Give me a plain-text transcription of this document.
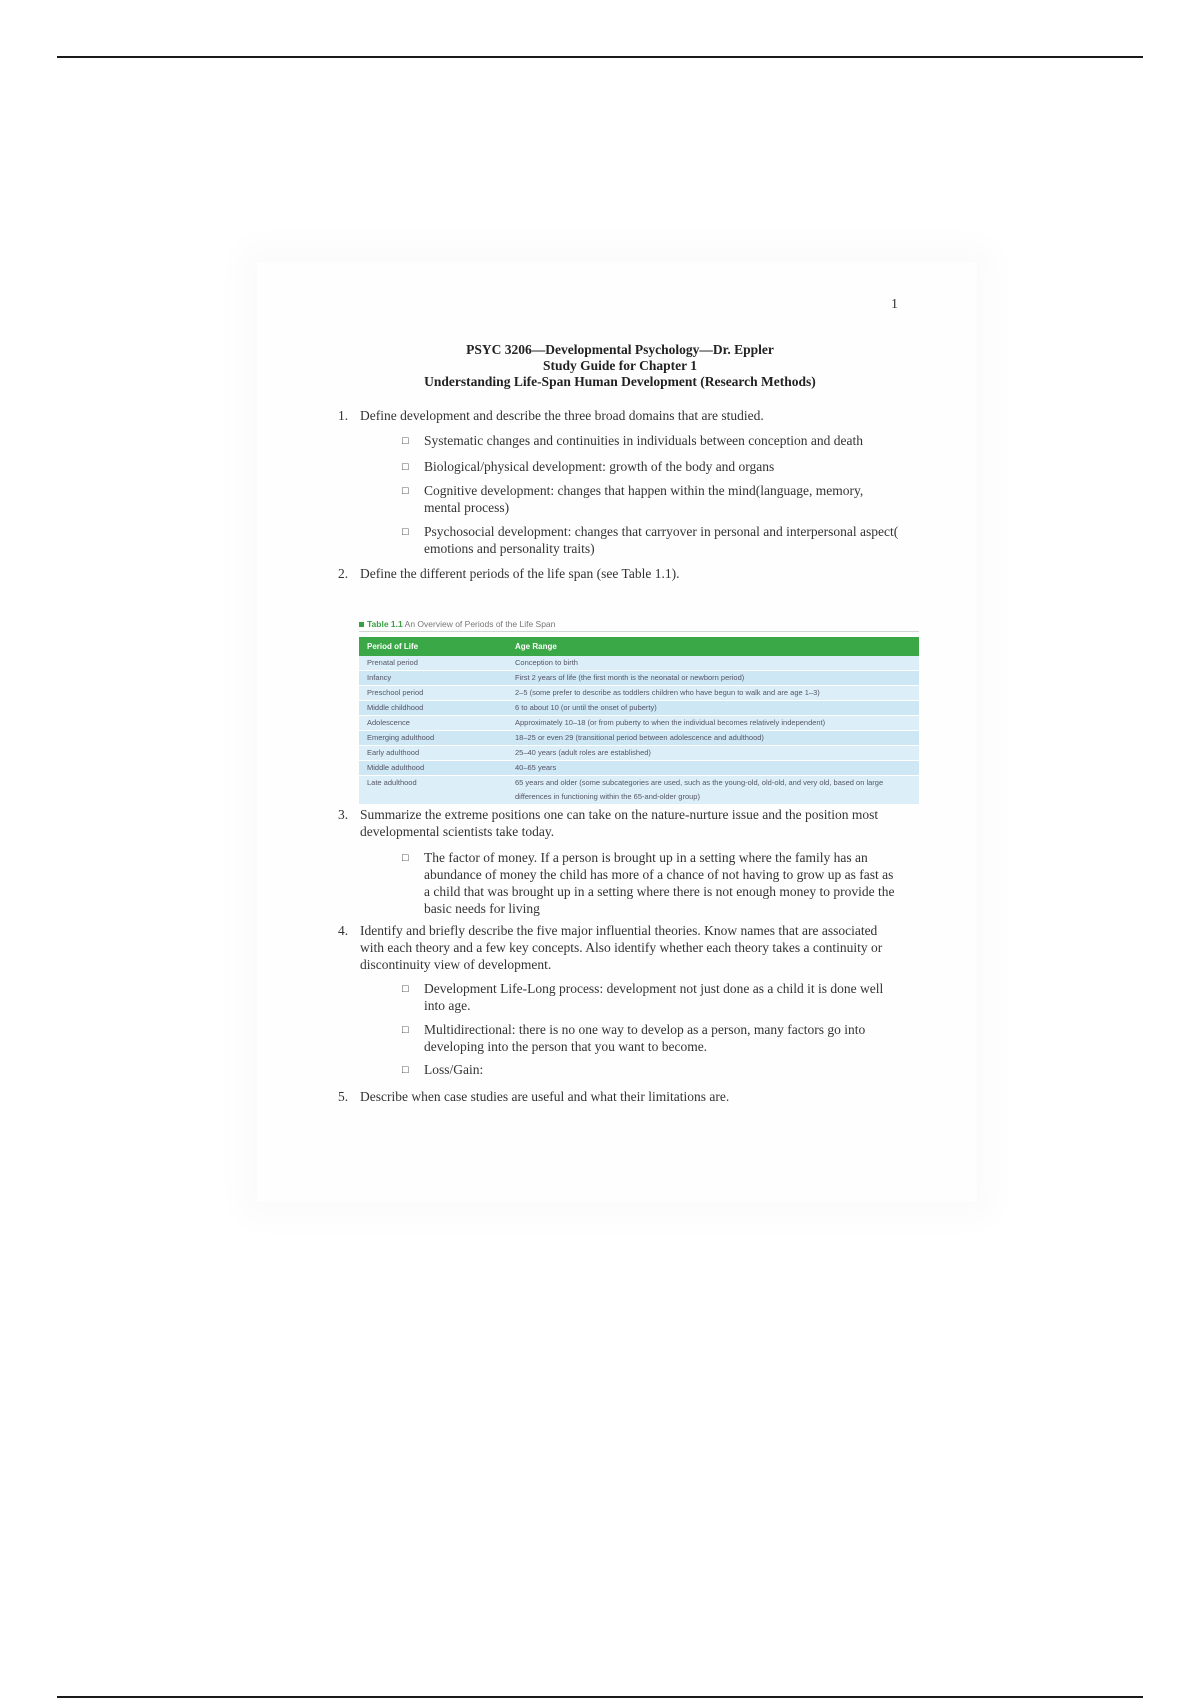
1
PSYC 3206—Developmental Psychology—Dr. Eppler
Study Guide for Chapter 1
Understanding Life-Span Human Development (Research Methods)
1. Define development and describe the three broad domains that are studied.
□ Systematic changes and continuities in individuals between conception and death
□ Biological/physical development: growth of the body and organs
□ Cognitive development: changes that happen within the mind(language, memory, mental process)
□ Psychosocial development: changes that carryover in personal and interpersonal aspect( emotions and personality traits)
2. Define the different periods of the life span (see Table 1.1).
Table 1.1 An Overview of Periods of the Life Span
Period of Life	Age Range
Prenatal period	Conception to birth
Infancy	First 2 years of life (the first month is the neonatal or newborn period)
Preschool period	2–5 (some prefer to describe as toddlers children who have begun to walk and are age 1–3)
Middle childhood	6 to about 10 (or until the onset of puberty)
Adolescence	Approximately 10–18 (or from puberty to when the individual becomes relatively independent)
Emerging adulthood	18–25 or even 29 (transitional period between adolescence and adulthood)
Early adulthood	25–40 years (adult roles are established)
Middle adulthood	40–65 years
Late adulthood	65 years and older (some subcategories are used, such as the young-old, old-old, and very old, based on large differences in functioning within the 65-and-older group)
3. Summarize the extreme positions one can take on the nature-nurture issue and the position most developmental scientists take today.
□ The factor of money. If a person is brought up in a setting where the family has an abundance of money the child has more of a chance of not having to grow up as fast as a child that was brought up in a setting where there is not enough money to provide the basic needs for living
4. Identify and briefly describe the five major influential theories. Know names that are associated with each theory and a few key concepts. Also identify whether each theory takes a continuity or discontinuity view of development.
□ Development Life-Long process: development not just done as a child it is done well into age.
□ Multidirectional: there is no one way to develop as a person, many factors go into developing into the person that you want to become.
□ Loss/Gain:
5. Describe when case studies are useful and what their limitations are.
